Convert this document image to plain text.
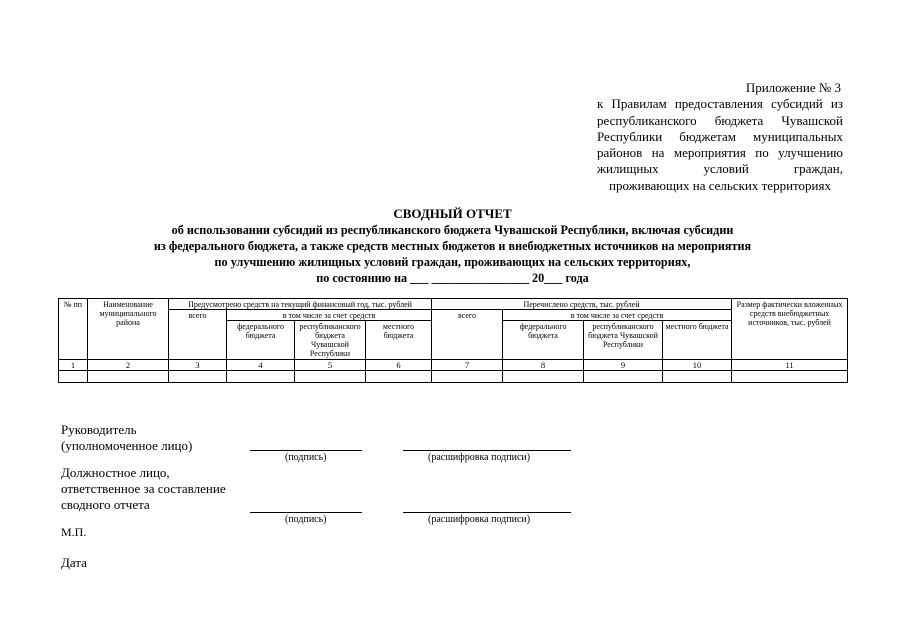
Приложение № 3
к Правилам предоставления субсидий из республиканского бюджета Чувашской Республики бюджетам муниципальных районов на мероприятия по улучшению жилищных условий граждан, проживающих на сельских территориях
СВОДНЫЙ ОТЧЕТ
об использовании субсидий из республиканского бюджета Чувашской Республики, включая субсидии
из федерального бюджета, а также средств местных бюджетов и внебюджетных источников на мероприятия
по улучшению жилищных условий граждан, проживающих на сельских территориях,
по состоянию на ___ ________________ 20___ года
№ пп	Наименование муниципального района	Предусмотрено средств на текущий финансовый год, тыс. рублей				Перечислено средств, тыс. рублей				Размер фактически вложенных средств внебюджетных источников, тыс. рублей
		всего	в том числе за счет средств			всего	в том числе за счет средств			
			федерального бюджета	республиканского бюджета Чувашской Республики	местного бюджета		федерального бюджета	республиканского бюджета Чувашской Республики	местного бюджета	
1	2	3	4	5	6	7	8	9	10	11

Руководитель
(уполномоченное лицо)
(подпись)	(расшифровка подписи)
Должностное лицо,
ответственное за составление
сводного отчета
(подпись)	(расшифровка подписи)
М.П.
Дата
